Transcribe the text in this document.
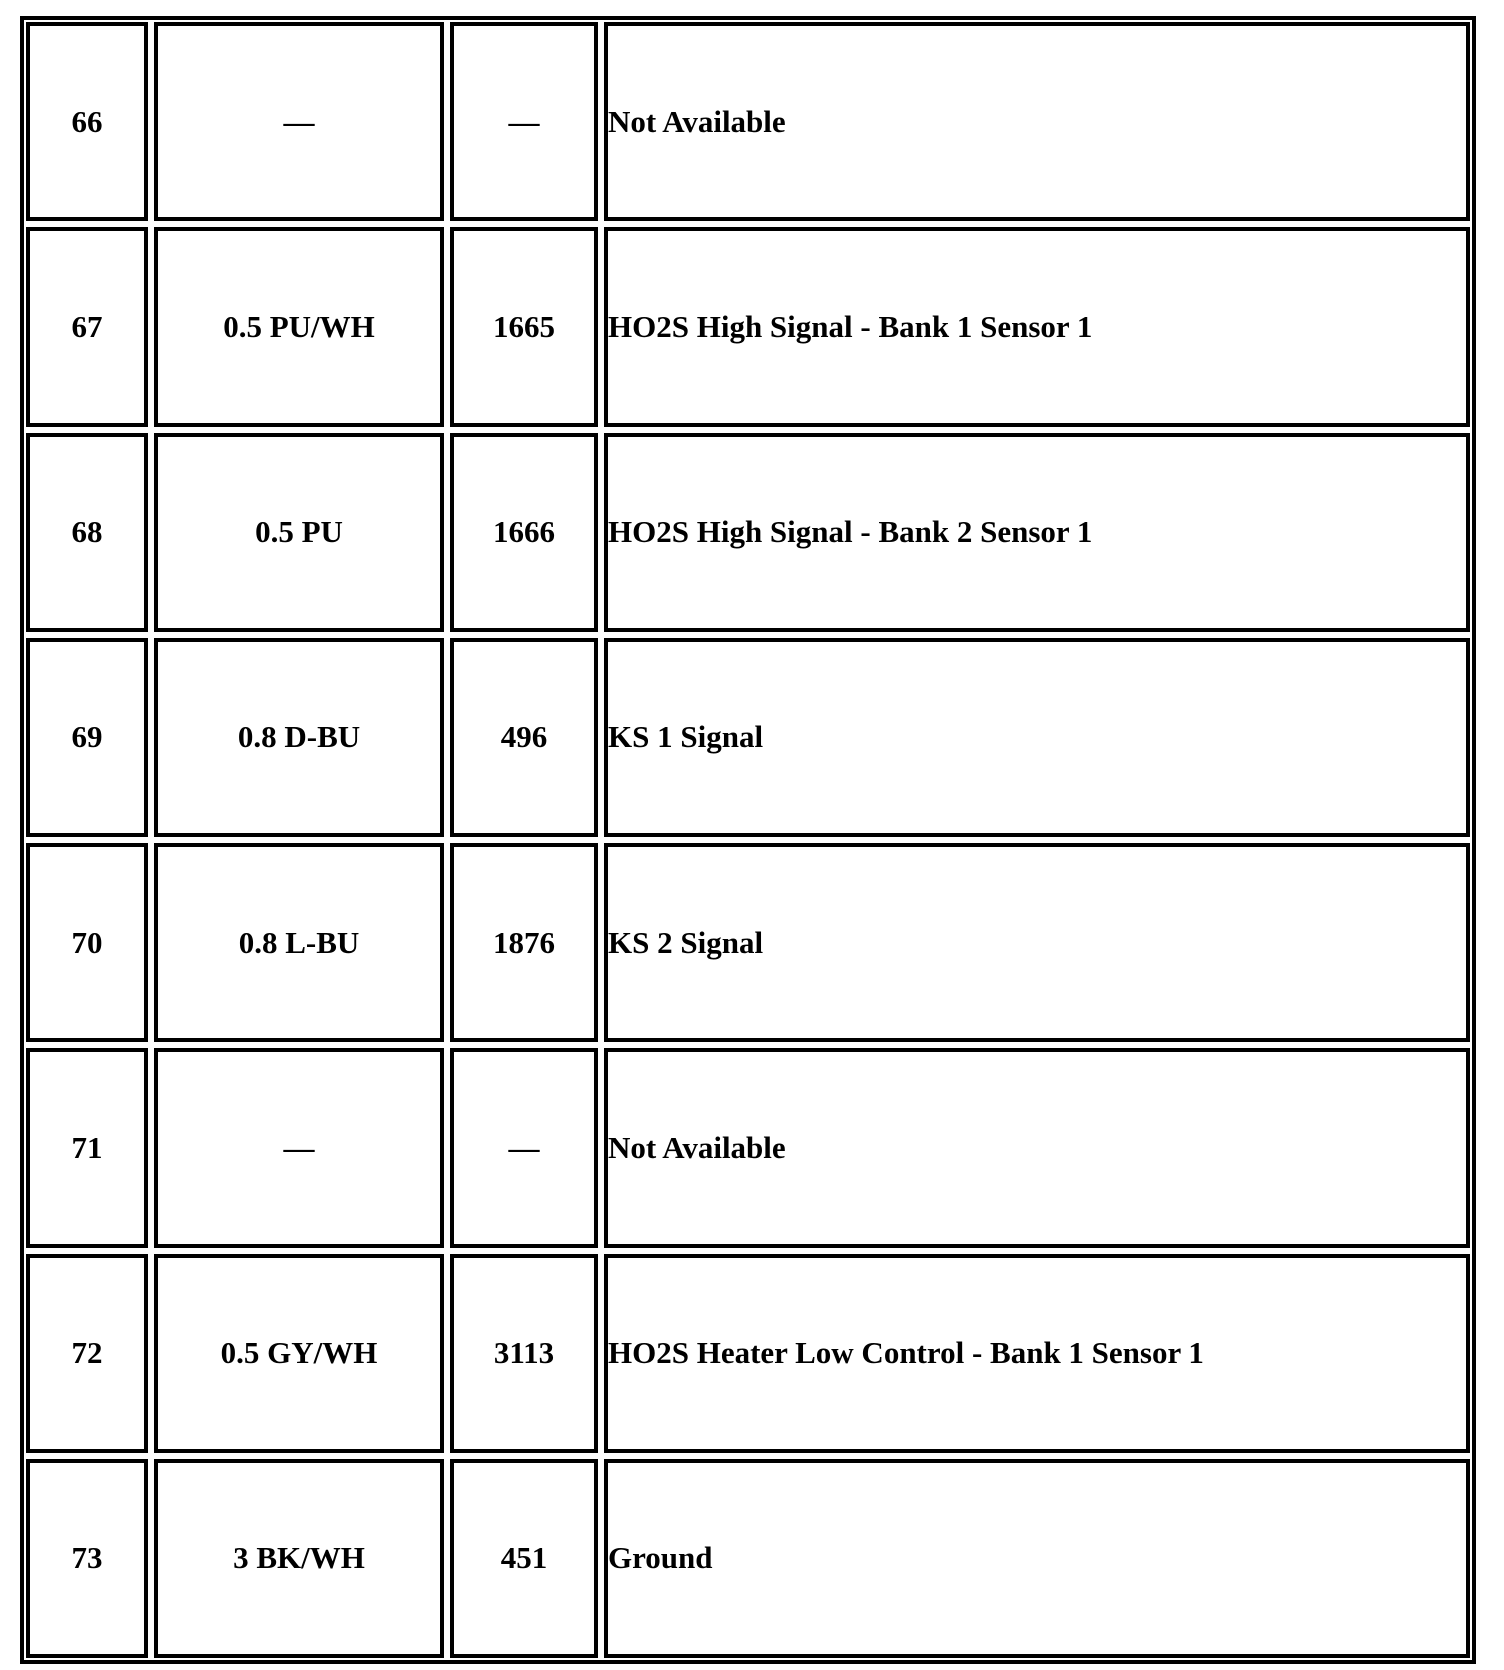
66	—	—	Not Available
67	0.5 PU/WH	1665	HO2S High Signal - Bank 1 Sensor 1
68	0.5 PU	1666	HO2S High Signal - Bank 2 Sensor 1
69	0.8 D-BU	496	KS 1 Signal
70	0.8 L-BU	1876	KS 2 Signal
71	—	—	Not Available
72	0.5 GY/WH	3113	HO2S Heater Low Control - Bank 1 Sensor 1
73	3 BK/WH	451	Ground
